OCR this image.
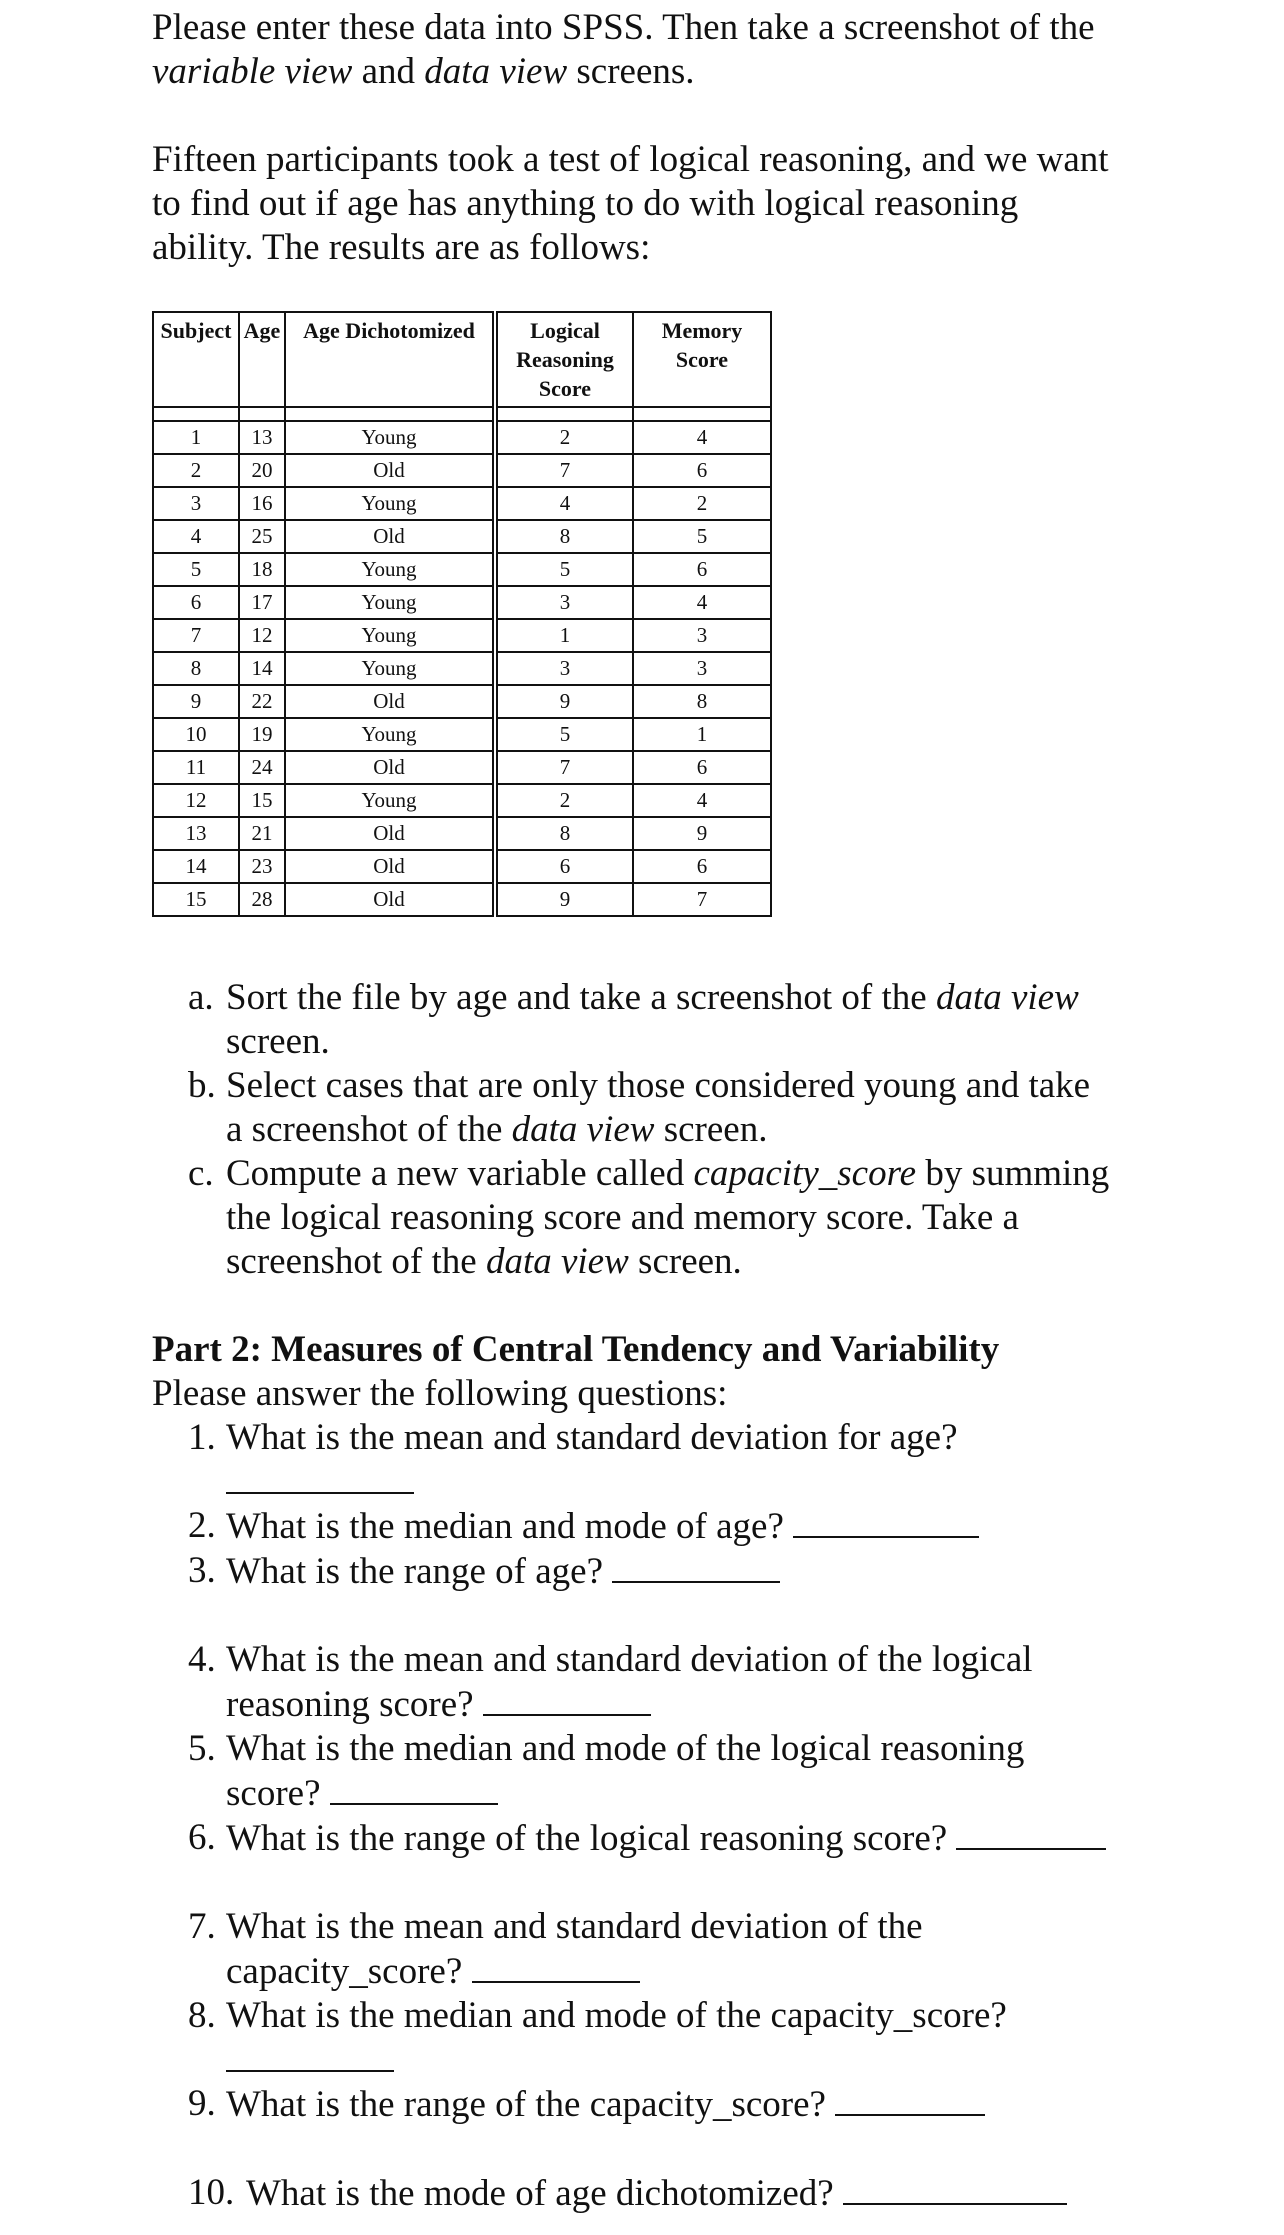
Please enter these data into SPSS. Then take a screenshot of the
variable view and data view screens.
Fifteen participants took a test of logical reasoning, and we want
to find out if age has anything to do with logical reasoning
ability. The results are as follows:
Subject	Age	Age Dichotomized	Logical
Reasoning
Score	Memory
Score

1	13	Young	2	4
2	20	Old	7	6
3	16	Young	4	2
4	25	Old	8	5
5	18	Young	5	6
6	17	Young	3	4
7	12	Young	1	3
8	14	Young	3	3
9	22	Old	9	8
10	19	Young	5	1
11	24	Old	7	6
12	15	Young	2	4
13	21	Old	8	9
14	23	Old	6	6
15	28	Old	9	7
a. Sort the file by age and take a screenshot of the data view
screen.
b. Select cases that are only those considered young and take
a screenshot of the data view screen.
c. Compute a new variable called capacity_score by summing
the logical reasoning score and memory score. Take a
screenshot of the data view screen.

Part 2: Measures of Central Tendency and Variability

Please answer the following questions:

1. What is the mean and standard deviation for age?
2. What is the median and mode of age?
3. What is the range of age?
4. What is the mean and standard deviation of the logical
reasoning score?
5. What is the median and mode of the logical reasoning
score?
6. What is the range of the logical reasoning score?
7. What is the mean and standard deviation of the
capacity_score?
8. What is the median and mode of the capacity_score?
9. What is the range of the capacity_score?
10. What is the mode of age dichotomized?
